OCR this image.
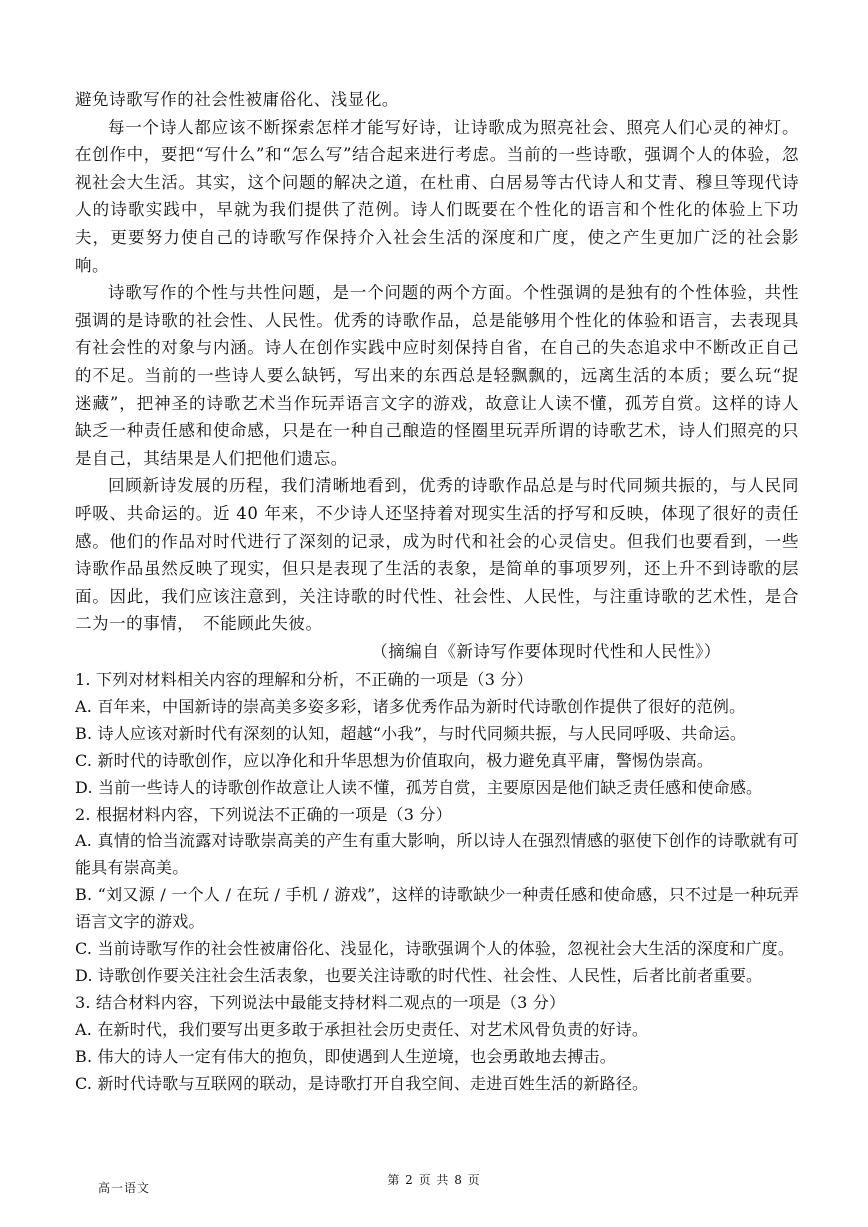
避免诗歌写作的社会性被庸俗化、浅显化。

每一个诗人都应该不断探索怎样才能写好诗，让诗歌成为照亮社会、照亮人们心灵的神灯。在创作中，要把“写什么”和“怎么写”结合起来进行考虑。当前的一些诗歌，强调个人的体验，忽视社会大生活。其实，这个问题的解决之道，在杜甫、白居易等古代诗人和艾青、穆旦等现代诗人的诗歌实践中，早就为我们提供了范例。诗人们既要在个性化的语言和个性化的体验上下功夫，更要努力使自己的诗歌写作保持介入社会生活的深度和广度，使之产生更加广泛的社会影响。

诗歌写作的个性与共性问题，是一个问题的两个方面。个性强调的是独有的个性体验，共性强调的是诗歌的社会性、人民性。优秀的诗歌作品，总是能够用个性化的体验和语言，去表现具有社会性的对象与内涵。诗人在创作实践中应时刻保持自省，在自己的失态追求中不断改正自己的不足。当前的一些诗人要么缺钙，写出来的东西总是轻飘飘的，远离生活的本质；要么玩“捉迷藏”，把神圣的诗歌艺术当作玩弄语言文字的游戏，故意让人读不懂，孤芳自赏。这样的诗人缺乏一种责任感和使命感，只是在一种自己酿造的怪圈里玩弄所谓的诗歌艺术，诗人们照亮的只是自己，其结果是人们把他们遗忘。

回顾新诗发展的历程，我们清晰地看到，优秀的诗歌作品总是与时代同频共振的，与人民同呼吸、共命运的。近 40 年来，不少诗人还坚持着对现实生活的抒写和反映，体现了很好的责任感。他们的作品对时代进行了深刻的记录，成为时代和社会的心灵信史。但我们也要看到，一些诗歌作品虽然反映了现实，但只是表现了生活的表象，是简单的事项罗列，还上升不到诗歌的层面。因此，我们应该注意到，关注诗歌的时代性、社会性、人民性，与注重诗歌的艺术性，是合二为一的事情，　不能顾此失彼。

（摘编自《新诗写作要体现时代性和人民性》）

1. 下列对材料相关内容的理解和分析，不正确的一项是（3 分）

A. 百年来，中国新诗的崇高美多姿多彩，诸多优秀作品为新时代诗歌创作提供了很好的范例。

B. 诗人应该对新时代有深刻的认知，超越“小我”，与时代同频共振，与人民同呼吸、共命运。

C. 新时代的诗歌创作，应以净化和升华思想为价值取向，极力避免真平庸，警惕伪崇高。

D. 当前一些诗人的诗歌创作故意让人读不懂，孤芳自赏，主要原因是他们缺乏责任感和使命感。

2. 根据材料内容，下列说法不正确的一项是（3 分）

A. 真情的恰当流露对诗歌崇高美的产生有重大影响，所以诗人在强烈情感的驱使下创作的诗歌就有可能具有崇高美。

B. “刘又源 / 一个人 / 在玩 / 手机 / 游戏”，这样的诗歌缺少一种责任感和使命感，只不过是一种玩弄语言文字的游戏。

C. 当前诗歌写作的社会性被庸俗化、浅显化，诗歌强调个人的体验，忽视社会大生活的深度和广度。

D. 诗歌创作要关注社会生活表象，也要关注诗歌的时代性、社会性、人民性，后者比前者重要。

3. 结合材料内容，下列说法中最能支持材料二观点的一项是（3 分）

A. 在新时代，我们要写出更多敢于承担社会历史责任、对艺术风骨负责的好诗。

B. 伟大的诗人一定有伟大的抱负，即使遇到人生逆境，也会勇敢地去搏击。

C. 新时代诗歌与互联网的联动，是诗歌打开自我空间、走进百姓生活的新路径。

高一语文
第 2 页 共 8 页
